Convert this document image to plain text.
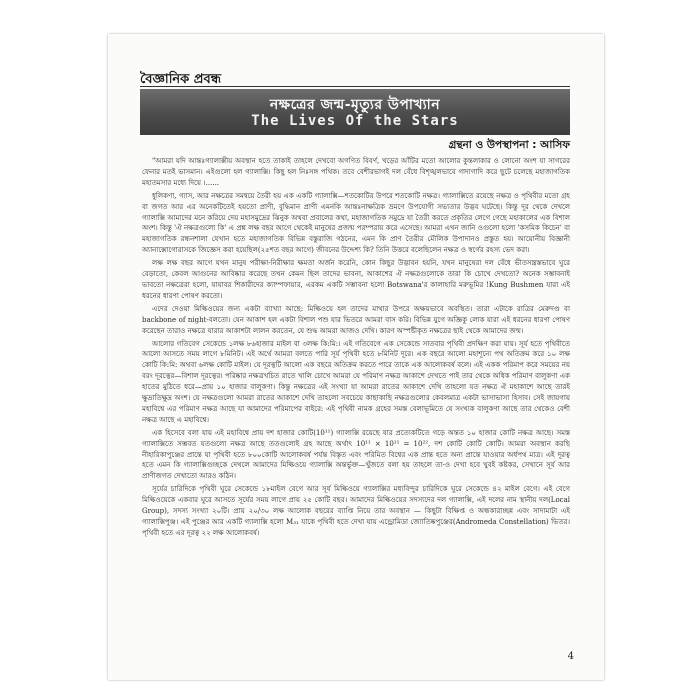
বৈজ্ঞানিক প্রবন্ধ
নক্ষত্রের জন্ম-মৃত্যুর উপাখ্যান
The Lives Of the Stars
গ্রন্থনা ও উপস্থাপনা : আসিফ

"আমরা যদি আন্তঃগ্যালাক্সীয় অবস্থান হতে তাকাই তাহলে দেখবো অগণিত বিবর্ণ, খড়ের আঁটির মতো আলোর কুন্তলাকার ও লোনো অংশ যা সাগরের ফেনার মতই ভাসমান। এইগুলো হল গ্যালাক্সি। কিছু হল নিঃসঙ্গ পথিক। তবে বেশীরভাগই দল বেঁধে বিশৃঙ্খলভাবে গাদাগাদি করে ছুটে চলেছে মহাজাগতিক মহাতমসার মধ্যে দিয়ে ।......

ধুলিকণা, গ্যাস, আর নক্ষত্রের সমন্বয়ে তৈরী হয় এক একটি গ্যালাক্সি—শতকোটির উপরে শতকোটি নক্ষত্র। গ্যালাক্সিতে রয়েছে নক্ষত্র ও পৃথিবীর মতো গ্রহ বা জগত আর এর অনেকটিতেই হয়তো প্রাণী, বুদ্ধিমান প্রাণী এমনকি আন্তঃনাক্ষত্রিক ভ্রমণে উপযোগী সভ্যতার উদ্ভব ঘটেছে। কিন্তু দূর থেকে দেখলে গ্যালাক্সি আমাদের মনে করিয়ে দেয় মহাসমুদ্রের ঝিনুক অথবা প্রবালের কথা, মহাজাগতিক সমুদ্রে যা তৈরী করতে প্রকৃতির লেগে গেছে মহাকালের এক বিশাল অংশ। কিন্তু 'ঐ নক্ষত্রগুলো কি' এ প্রশ্ন লক্ষ বছর আগে থেকেই মানুষের প্রজন্ম পরম্পরায় করে এসেছে। আমরা এখন জানি ওগুলো হলো 'কসমিক কিচেন' বা মহাজাগতিক রন্ধনশালা যেখান হতে মহাজাগতিক বিভিন্ন বস্তুরাজি গঠনের, এমন কি প্রাণ তৈরীর মৌলিক উপাদানও প্রস্তুত হয়। আয়োনীয় বিজ্ঞানী অ্যানাক্সোগোরাসকে জিজ্ঞেস করা হয়েছিল(২৫শত বছর আগে) জীবনের উদ্দেশ্য কি? তিনি উত্তরে বলেছিলেন নক্ষত্র ও স্বর্গের রহস্য ভেদ করা।

লক্ষ লক্ষ বছর আগে যখন মানুষ পরীক্ষা-নিরীক্ষার ক্ষমতা অর্জন করেনি, কোন কিছুর উদ্ভাবন হয়নি, যখন মানুষেরা দল বেঁধে ভীতসন্ত্রস্তভাবে ঘুরে বেড়াতো, কেবল আগুনের আবিষ্কার করেছে তখন কেমন ছিল তাদের ভাবনা, আকাশের ঐ নক্ষত্রগুলোকে তারা কি চোখে দেখতো? অনেক সম্ভাবনাই ভাবতো নক্ষত্রেরা হলো, যাযাবর শিকারীদের ক্যাম্পফায়ার, এরকম একটি সম্ভাবনা হলো Botswana'র কালাহারি মরুভূমির !Kung Bushmen যারা এই ধরনের ধারণা পোষণ করতো।

এদের দেওয়া মিল্কিওয়ের জন্য একটা ব্যাখ্যা আছে: মিল্কিওয়ে হল তাদের মাথার উপরে অক্ষয়ভাবে অবস্থিত। তারা এটাকে রাত্রির মেরুদণ্ড বা backbone of night-বলতো। যেন আকাশ হল একটা বিশাল পশু যার ভিতরে আমরা বাস করি। বিভিন্ন যুগে অজ্ঞিকু লোক যারা এই ধরনের ধারণা পোষণ করেছেন তারাও নক্ষত্রে যারার আকাশটা লালন করতেন, যে শুদ্ধ আমরা আজও দেখি। কারণ অস্পষ্টীকৃত নক্ষত্রের ছাই থেকে আমাদের জন্ম।

আলোর গতিবেগ সেকেন্ডে ১লক্ষ ৮৬হাজার মাইল বা ৩লক্ষ কি:মি:। এই গতিবেগে এক সেকেন্ডে সাতবার পৃথিবী প্রদক্ষিণ করা যায়। সূর্য হতে পৃথিবীতে আলো আসতে সময় লাগে ৮মিনিট। এই অর্থে আমরা বলতে পারি সূর্য পৃথিবী হতে ৮মিনিট দূরে। এক বছরে আলো মহাশূন্যে পথ অতিক্রম করে ১০ লক্ষ কোটি কি:মি: অথবা ৬লক্ষ কোটি মাইল। যে দূরত্বটি আলো এক বছরে অতিক্রম করতে পারে তাকে এক আলোকবর্ষ বলে। এই একক পরিমাপ করে সময়ের নয় বরং দূরত্বের—বিশাল দূরত্বের। পরিষ্কার নক্ষত্রখচিত রাতে খালি চোখে আমরা যে পরিমাণ নক্ষত্র আকাশে দেখতে পাই তার থেকে অধিক পরিমাণ বালুকণা এক হাতের মুঠিতে ধরে—প্রায় ১০ হাজার বালুকণা। কিন্তু নক্ষত্রের এই সংখ্যা যা আমরা রাতের আকাশে দেখি তাহলো যত নক্ষত্র ঐ মহাকাশে আছে তারই ক্ষুদ্রাতিক্ষুদ্র অংশ। যে নক্ষত্রগুলো আমরা রাতের আকাশে দেখি তাহলো সবচেয়ে কাছাকাছি নক্ষত্রগুলোর কেবলমাত্র একটা ভাসাভাসা হিসাব। সেই জায়গায় মহাবিশ্বে এর পরিমাণ নক্ষত্র আছে যা আমাদের পরিমাপের বাইরে: এই পৃথিবী নামক গ্রহের সমস্ত বেলাভূমিতে যে সংখ্যক বালুকণা আছে তার থেকেও বেশী নক্ষত্র আছে এ মহাবিশ্বে।

এক হিসেবে বলা যায় এই মহাবিশ্বে প্রায় দশ হাজার কোটি(10¹¹) গ্যালাক্সি রয়েছে যার প্রত্যেকটিতে গড়ে অন্তত ১০ হাজার কোটি নক্ষত্র আছে। সমস্ত গ্যালাক্সিতে সম্ভবত যতগুলো নক্ষত্র আছে ততগুলোই গ্রহ আছে অর্থাৎ 10¹¹ × 10¹¹ = 10²², দশ কোটি কোটি কোটি। আমরা অবস্থান করছি নীহারিকাপুঞ্জের প্রান্তে যা পৃথিবী হতে ৮০০কোটি আলোকবর্ষ পর্যন্ত বিস্তৃত এবং পরিমিত বিশ্বের এক প্রান্ত হতে অন্য প্রান্তে যাওয়ার অর্ধপথ মাত্র। এই দূরত্ব হতে এমন কি গ্যালাক্সিগুচ্ছকে দেখলে আমাদের মিল্কিওয়ে গ্যালাক্সি অন্তর্ভুক্ত—খুঁজতে বলা হয় তাহলে তা-ও দেখা হবে খুবই কষ্টকর, সেখানে সূর্য আর প্রাণীজগত দেখাতো আরও কঠিন।

সূর্যের চারিদিকে পৃথিবী ঘুরে সেকেন্ডে ১৮মাইল বেগে আর সূর্য মিল্কিওয়ে গ্যালাক্সির মধ্যবিন্দুর চারিদিকে ঘুরে সেকেন্ডে ৪২ মাইল বেগে। এই বেগে মিল্কিওয়েকে একবার ঘুরে আসতে সূর্যের সময় লাগে প্রায় ২৫ কোটি বছর। আমাদের মিল্কিওয়ের সদস্যদের দল গ্যালাক্সি, এই দলের নাম স্থানীয় দল(Local Group), সদস্য সংখ্যা ২০টি। প্রায় ২০/৩০ লক্ষ আলোক বছরের ব্যাপ্তি নিয়ে তার অবস্থান — কিছুটা বিক্ষিপ্ত ও অন্ধকারাচ্ছন্ন এবং সাদামাটা এই গ্যালাক্সিপুঞ্জ। এই পুঞ্জের আর একটি গ্যালাক্সি হলো M₃₁ যাকে পৃথিবী হতে দেখা যায় এন্ড্রোমিডা জ্যোতিষ্কপুঞ্জের(Andromeda Constellation) ভিতর। পৃথিবী হতে এর দূরত্ব ২২ লক্ষ আলোকবর্ষ।

4
